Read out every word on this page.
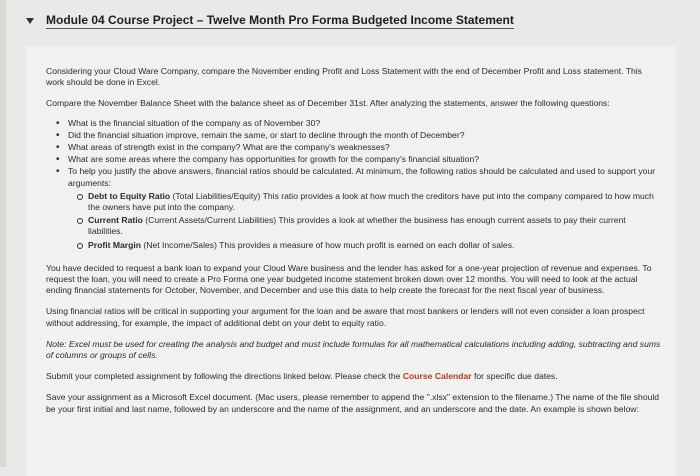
Module 04 Course Project – Twelve Month Pro Forma Budgeted Income Statement

Considering your Cloud Ware Company, compare the November ending Profit and Loss Statement with the end of December Profit and Loss statement. This work should be done in Excel.

Compare the November Balance Sheet with the balance sheet as of December 31st. After analyzing the statements, answer the following questions:

• What is the financial situation of the company as of November 30?
• Did the financial situation improve, remain the same, or start to decline through the month of December?
• What areas of strength exist in the company? What are the company's weaknesses?
• What are some areas where the company has opportunities for growth for the company's financial situation?
• To help you justify the above answers, financial ratios should be calculated. At minimum, the following ratios should be calculated and used to support your arguments:
Debt to Equity Ratio (Total Liabilities/Equity) This ratio provides a look at how much the creditors have put into the company compared to how much the owners have put into the company.
Current Ratio (Current Assets/Current Liabilities) This provides a look at whether the business has enough current assets to pay their current liabilities.
Profit Margin (Net Income/Sales) This provides a measure of how much profit is earned on each dollar of sales.

You have decided to request a bank loan to expand your Cloud Ware business and the lender has asked for a one-year projection of revenue and expenses. To request the loan, you will need to create a Pro Forma one year budgeted income statement broken down over 12 months. You will need to look at the actual ending financial statements for October, November, and December and use this data to help create the forecast for the next fiscal year of business.

Using financial ratios will be critical in supporting your argument for the loan and be aware that most bankers or lenders will not even consider a loan prospect without addressing, for example, the impact of additional debt on your debt to equity ratio.

Note: Excel must be used for creating the analysis and budget and must include formulas for all mathematical calculations including adding, subtracting and sums of columns or groups of cells.

Submit your completed assignment by following the directions linked below. Please check the Course Calendar for specific due dates.

Save your assignment as a Microsoft Excel document. (Mac users, please remember to append the ".xlsx" extension to the filename.) The name of the file should be your first initial and last name, followed by an underscore and the name of the assignment, and an underscore and the date. An example is shown below:
